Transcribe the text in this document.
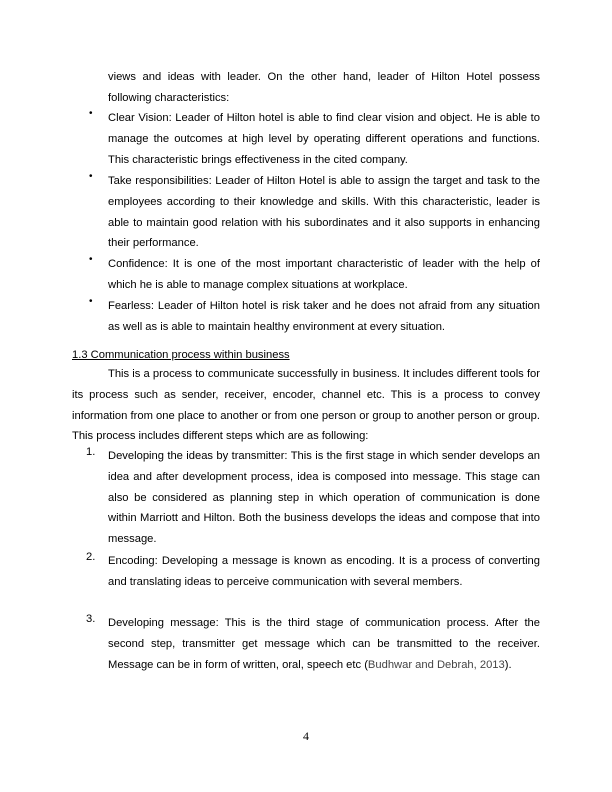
views and ideas with leader. On the other hand, leader of Hilton Hotel possess following characteristics:
•	Clear Vision: Leader of Hilton hotel is able to find clear vision and object. He is able to manage the outcomes at high level by operating different operations and functions. This characteristic brings effectiveness in the cited company.
•	Take responsibilities: Leader of Hilton Hotel is able to assign the target and task to the employees according to their knowledge and skills. With this characteristic, leader is able to maintain good relation with his subordinates and it also supports in enhancing their performance.
•	Confidence: It is one of the most important characteristic of leader with the help of which he is able to manage complex situations at workplace.
•	Fearless: Leader of Hilton hotel is risk taker and he does not afraid from any situation as well as is able to maintain healthy environment at every situation.
1.3 Communication process within business
This is a process to communicate successfully in business. It includes different tools for its process such as sender, receiver, encoder, channel etc. This is a process to convey information from one place to another or from one person or group to another person or group. This process includes different steps which are as following:
1.	Developing the ideas by transmitter: This is the first stage in which sender develops an idea and after development process, idea is composed into message. This stage can also be considered as planning step in which operation of communication is done within Marriott and Hilton. Both the business develops the ideas and compose that into message.
2.	Encoding: Developing a message is known as encoding. It is a process of converting and translating ideas to perceive communication with several members.
3.	Developing message: This is the third stage of communication process. After the second step, transmitter get message which can be transmitted to the receiver. Message can be in form of written, oral, speech etc (Budhwar and Debrah, 2013).
4
